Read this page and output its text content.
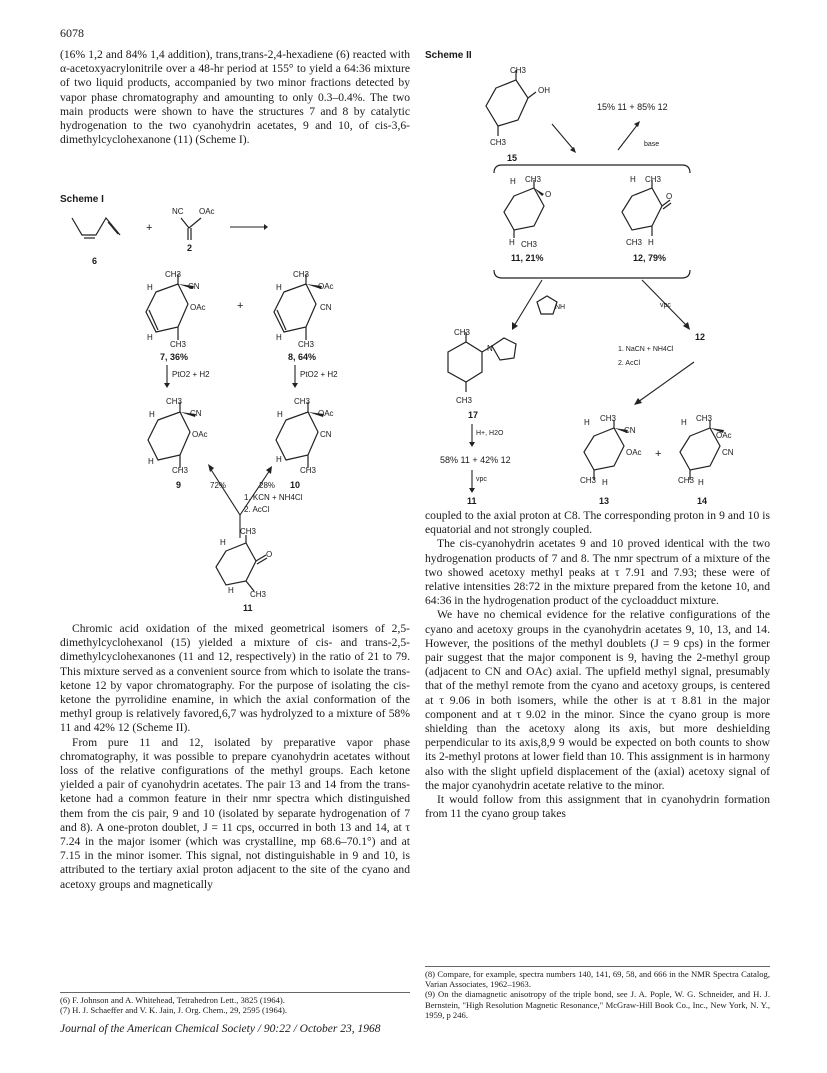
6078

(16% 1,2 and 84% 1,4 addition), trans,trans-2,4-hexadiene (6) reacted with α-acetoxyacrylonitrile over a 48-hr period at 155° to yield a 64:36 mixture of two liquid products, accompanied by two minor fractions detected by vapor phase chromatography and amounting to only 0.3–0.4%. The two main products were shown to have the structures 7 and 8 by catalytic hydrogenation to the two cyanohydrin acetates, 9 and 10, of cis-3,6-dimethylcyclohexanone (11) (Scheme I).

Scheme I
6
+
NC OAc
2
CH3
H	CN
OAc
H
CH3
7, 36%
+
CH3
H	OAc
CN
H
CH3
8, 64%
PtO2 + H2	PtO2 + H2
CH3
H	CN
OAc
H
CH3
9
CH3
H	OAc
CN
H
CH3
10
72%	28%
1. KCN + NH4Cl
2. AcCl
CH3
H
O
H CH3
11

Chromic acid oxidation of the mixed geometrical isomers of 2,5-dimethylcyclohexanol (15) yielded a mixture of cis- and trans-2,5-dimethylcyclohexanones (11 and 12, respectively) in the ratio of 21 to 79. This mixture served as a convenient source from which to isolate the trans-ketone 12 by vapor chromatography. For the purpose of isolating the cis-ketone the pyrrolidine enamine, in which the axial conformation of the methyl group is relatively favored,6,7 was hydrolyzed to a mixture of 58% 11 and 42% 12 (Scheme II).

From pure 11 and 12, isolated by preparative vapor phase chromatography, it was possible to prepare cyanohydrin acetates without loss of the relative configurations of the methyl groups. Each ketone yielded a pair of cyanohydrin acetates. The pair 13 and 14 from the trans-ketone had a common feature in their nmr spectra which distinguished them from the cis pair, 9 and 10 (isolated by separate hydrogenation of 7 and 8). A one-proton doublet, J = 11 cps, occurred in both 13 and 14, at τ 7.24 in the major isomer (which was crystalline, mp 68.6–70.1°) and at 7.15 in the minor isomer. This signal, not distinguishable in 9 and 10, is attributed to the tertiary axial proton adjacent to the site of the cyano and acetoxy groups and magnetically

(6) F. Johnson and A. Whitehead, Tetrahedron Lett., 3825 (1964).
(7) H. J. Schaeffer and V. K. Jain, J. Org. Chem., 29, 2595 (1964).
Scheme II
CH3
OH
CH3
15
15% 11 + 85% 12
base
H CH3
O
H CH3
11, 21%
H CH3
O
CH3 H
12, 79%
NH	vpc
CH3
N
CH3
17
H+, H2O
58% 11 + 42% 12
vpc
11
12
1. NaCN + NH4Cl
2. AcCl
H CH3
CN
OAc
CH3 H
13
+
H CH3
OAc
CN
CH3 H
14

coupled to the axial proton at C8. The corresponding proton in 9 and 10 is equatorial and not strongly coupled.

The cis-cyanohydrin acetates 9 and 10 proved identical with the two hydrogenation products of 7 and 8. The nmr spectrum of a mixture of the two showed acetoxy methyl peaks at τ 7.91 and 7.93; these were of relative intensities 28:72 in the mixture prepared from the ketone 10, and 64:36 in the hydrogenation product of the cycloadduct mixture.

We have no chemical evidence for the relative configurations of the cyano and acetoxy groups in the cyanohydrin acetates 9, 10, 13, and 14. However, the positions of the methyl doublets (J = 9 cps) in the former pair suggest that the major component is 9, having the 2-methyl group (adjacent to CN and OAc) axial. The upfield methyl signal, presumably that of the methyl remote from the cyano and acetoxy groups, is centered at τ 9.06 in both isomers, while the other is at τ 8.81 in the major component and at τ 9.02 in the minor. Since the cyano group is more shielding than the acetoxy along its axis, but more deshielding perpendicular to its axis,8,9 9 would be expected on both counts to show its 2-methyl protons at lower field than 10. This assignment is in harmony also with the slight upfield displacement of the (axial) acetoxy signal of the major cyanohydrin acetate relative to the minor.

It would follow from this assignment that in cyanohydrin formation from 11 the cyano group takes

(8) Compare, for example, spectra numbers 140, 141, 69, 58, and 666 in the NMR Spectra Catalog, Varian Associates, 1962–1963.
(9) On the diamagnetic anisotropy of the triple bond, see J. A. Pople, W. G. Schneider, and H. J. Bernstein, "High Resolution Magnetic Resonance," McGraw-Hill Book Co., Inc., New York, N. Y., 1959, p 246.
Journal of the American Chemical Society / 90:22 / October 23, 1968
